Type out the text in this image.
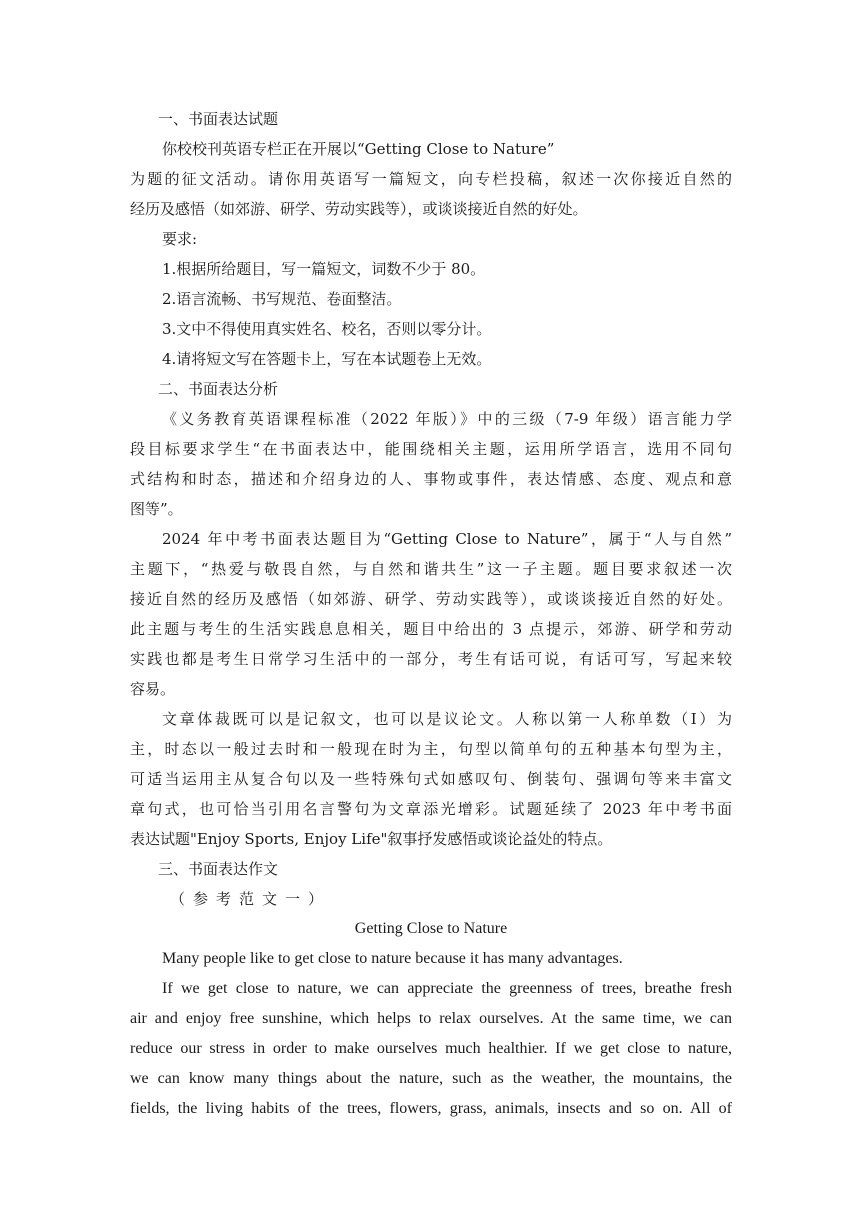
一、书面表达试题
你校校刊英语专栏正在开展以“Getting Close to Nature”
为题的征文活动。请你用英语写一篇短文，向专栏投稿，叙述一次你接近自然的
经历及感悟（如郊游、研学、劳动实践等），或谈谈接近自然的好处。
要求:
1.根据所给题目，写一篇短文，词数不少于 80。
2.语言流畅、书写规范、卷面整洁。
3.文中不得使用真实姓名、校名，否则以零分计。
4.请将短文写在答题卡上，写在本试题卷上无效。
二、书面表达分析
《义务教育英语课程标准（2022 年版）》中的三级（7-9 年级）语言能力学
段目标要求学生“在书面表达中，能围绕相关主题，运用所学语言，选用不同句
式结构和时态，描述和介绍身边的人、事物或事件，表达情感、态度、观点和意
图等”。
2024 年中考书面表达题目为“Getting Close to Nature”，属于“人与自然”
主题下，“热爱与敬畏自然，与自然和谐共生”这一子主题。题目要求叙述一次
接近自然的经历及感悟（如郊游、研学、劳动实践等），或谈谈接近自然的好处。
此主题与考生的生活实践息息相关，题目中给出的 3 点提示，郊游、研学和劳动
实践也都是考生日常学习生活中的一部分，考生有话可说，有话可写，写起来较
容易。
文章体裁既可以是记叙文，也可以是议论文。人称以第一人称单数（I）为
主，时态以一般过去时和一般现在时为主，句型以简单句的五种基本句型为主，
可适当运用主从复合句以及一些特殊句式如感叹句、倒装句、强调句等来丰富文
章句式，也可恰当引用名言警句为文章添光增彩。试题延续了 2023 年中考书面
表达试题"Enjoy Sports, Enjoy Life"叙事抒发感悟或谈论益处的特点。
三、书面表达作文
（参考范文一）
Getting Close to Nature
Many people like to get close to nature because it has many advantages.
If we get close to nature, we can appreciate the greenness of trees, breathe fresh
air and enjoy free sunshine, which helps to relax ourselves. At the same time, we can
reduce our stress in order to make ourselves much healthier. If we get close to nature,
we can know many things about the nature, such as the weather, the mountains, the
fields, the living habits of the trees, flowers, grass, animals, insects and so on. All of
